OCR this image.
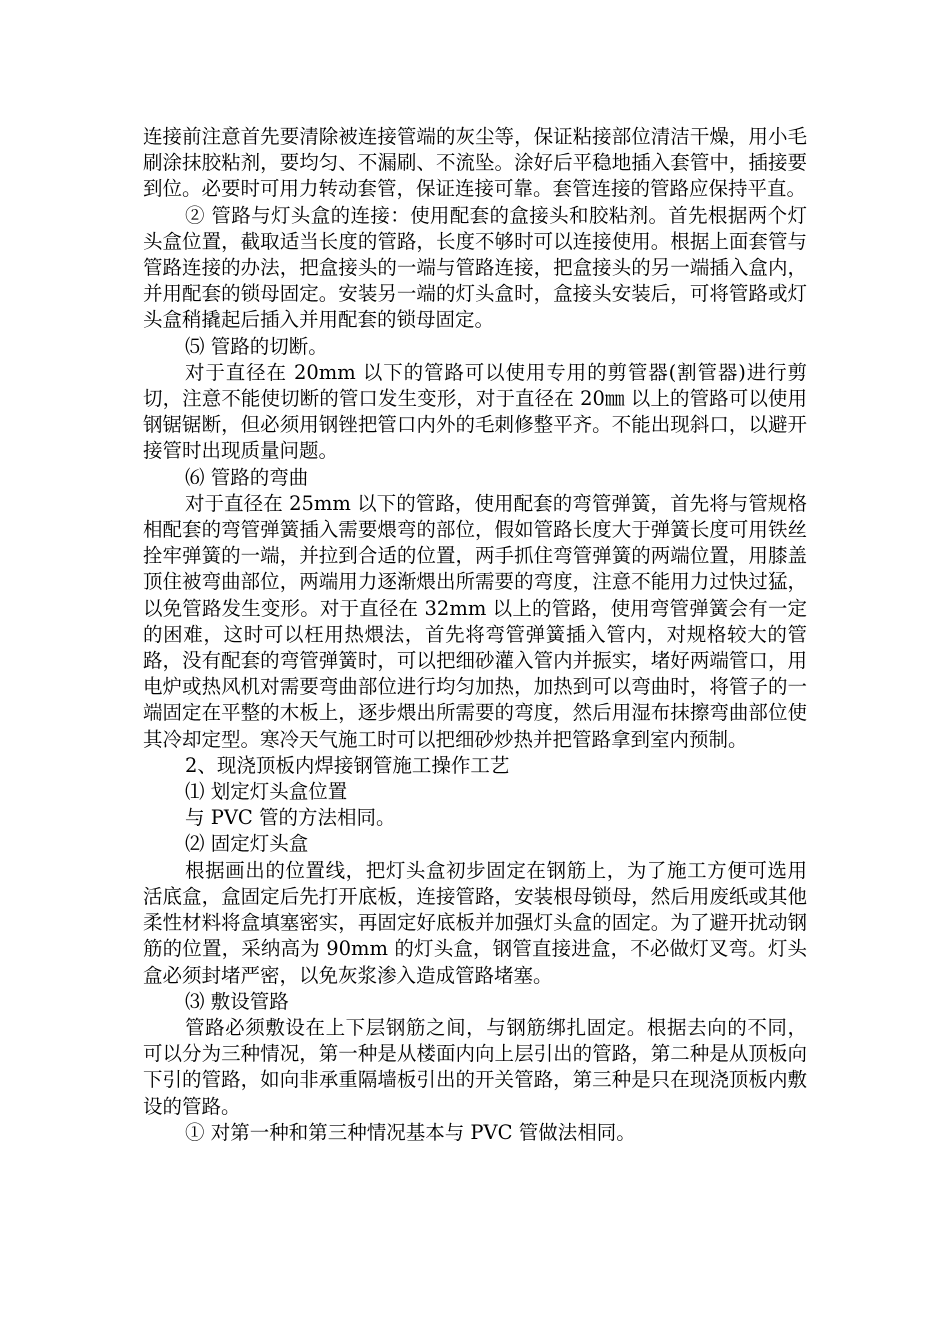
连接前注意首先要清除被连接管端的灰尘等，保证粘接部位清洁干燥，用小毛刷涂抹胶粘剂，要均匀、不漏刷、不流坠。涂好后平稳地插入套管中，插接要到位。必要时可用力转动套管，保证连接可靠。套管连接的管路应保持平直。

② 管路与灯头盒的连接：使用配套的盒接头和胶粘剂。首先根据两个灯头盒位置，截取适当长度的管路，长度不够时可以连接使用。根据上面套管与管路连接的办法，把盒接头的一端与管路连接，把盒接头的另一端插入盒内，并用配套的锁母固定。安装另一端的灯头盒时，盒接头安装后，可将管路或灯头盒稍撬起后插入并用配套的锁母固定。

⑸ 管路的切断。

对于直径在 20mm 以下的管路可以使用专用的剪管器(割管器)进行剪切，注意不能使切断的管口发生变形，对于直径在 20㎜ 以上的管路可以使用钢锯锯断，但必须用钢锉把管口内外的毛刺修整平齐。不能出现斜口，以避开接管时出现质量问题。

⑹ 管路的弯曲

对于直径在 25mm 以下的管路，使用配套的弯管弹簧，首先将与管规格相配套的弯管弹簧插入需要煨弯的部位，假如管路长度大于弹簧长度可用铁丝拴牢弹簧的一端，并拉到合适的位置，两手抓住弯管弹簧的两端位置，用膝盖顶住被弯曲部位，两端用力逐渐煨出所需要的弯度，注意不能用力过快过猛，以免管路发生变形。对于直径在 32mm 以上的管路，使用弯管弹簧会有一定的困难，这时可以枉用热煨法，首先将弯管弹簧插入管内，对规格较大的管路，没有配套的弯管弹簧时，可以把细砂灌入管内并振实，堵好两端管口，用电炉或热风机对需要弯曲部位进行均匀加热，加热到可以弯曲时，将管子的一端固定在平整的木板上，逐步煨出所需要的弯度，然后用湿布抹擦弯曲部位使其冷却定型。寒冷天气施工时可以把细砂炒热并把管路拿到室内预制。

2、现浇顶板内焊接钢管施工操作工艺

⑴ 划定灯头盒位置

与 PVC 管的方法相同。

⑵ 固定灯头盒

根据画出的位置线，把灯头盒初步固定在钢筋上，为了施工方便可选用活底盒，盒固定后先打开底板，连接管路，安装根母锁母，然后用废纸或其他柔性材料将盒填塞密实，再固定好底板并加强灯头盒的固定。为了避开扰动钢筋的位置，采纳高为 90mm 的灯头盒，钢管直接进盒，不必做灯叉弯。灯头盒必须封堵严密，以免灰浆渗入造成管路堵塞。

⑶ 敷设管路

管路必须敷设在上下层钢筋之间，与钢筋绑扎固定。根据去向的不同，可以分为三种情况，第一种是从楼面内向上层引出的管路，第二种是从顶板向下引的管路，如向非承重隔墙板引出的开关管路，第三种是只在现浇顶板内敷设的管路。

① 对第一种和第三种情况基本与 PVC 管做法相同。
